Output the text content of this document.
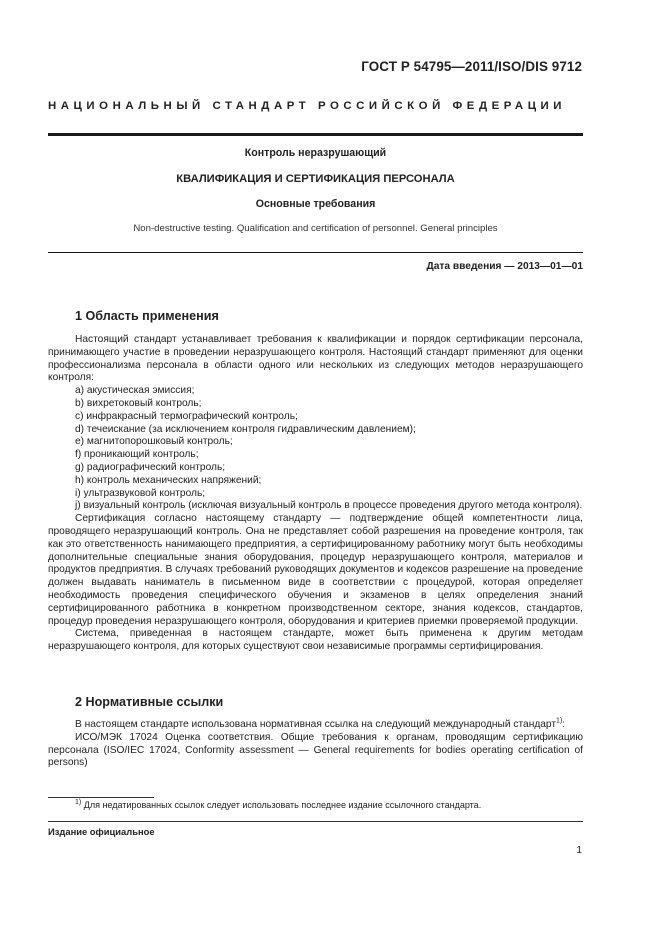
ГОСТ Р 54795—2011/ISO/DIS 9712
НАЦИОНАЛЬНЫЙ СТАНДАРТ РОССИЙСКОЙ ФЕДЕРАЦИИ
Контроль неразрушающий
КВАЛИФИКАЦИЯ И СЕРТИФИКАЦИЯ ПЕРСОНАЛА
Основные требования
Non-destructive testing. Qualification and certification of personnel. General principles
Дата введения — 2013—01—01
1 Область применения

Настоящий стандарт устанавливает требования к квалификации и порядок сертификации персонала, принимающего участие в проведении неразрушающего контроля. Настоящий стандарт применяют для оценки профессионализма персонала в области одного или нескольких из следующих методов неразрушающего контроля:

a) акустическая эмиссия;
b) вихретоковый контроль;
c) инфракрасный термографический контроль;
d) течеискание (за исключением контроля гидравлическим давлением);
e) магнитопорошковый контроль;
f) проникающий контроль;
g) радиографический контроль;
h) контроль механических напряжений;
i) ультразвуковой контроль;
j) визуальный контроль (исключая визуальный контроль в процессе проведения другого метода контроля).

Сертификация согласно настоящему стандарту — подтверждение общей компетентности лица, проводящего неразрушающий контроль. Она не представляет собой разрешения на проведение контроля, так как это ответственность нанимающего предприятия, а сертифицированному работнику могут быть необходимы дополнительные специальные знания оборудования, процедур неразрушающего контроля, материалов и продуктов предприятия. В случаях требований руководящих документов и кодексов разрешение на проведение должен выдавать наниматель в письменном виде в соответствии с процедурой, которая определяет необходимость проведения специфического обучения и экзаменов в целях определения знаний сертифицированного работника в конкретном производственном секторе, знания кодексов, стандартов, процедур проведения неразрушающего контроля, оборудования и критериев приемки проверяемой продукции.

Система, приведенная в настоящем стандарте, может быть применена к другим методам неразрушающего контроля, для которых существуют свои независимые программы сертифицирования.

2 Нормативные ссылки

В настоящем стандарте использована нормативная ссылка на следующий международный стандарт$^{1)}$:

ИСО/МЭК 17024 Оценка соответствия. Общие требования к органам, проводящим сертификацию персонала (ISO/IEC 17024, Conformity assessment — General requirements for bodies operating certification of persons)

$^{1)}$ Для недатированных ссылок следует использовать последнее издание ссылочного стандарта.
Издание официальное
1
